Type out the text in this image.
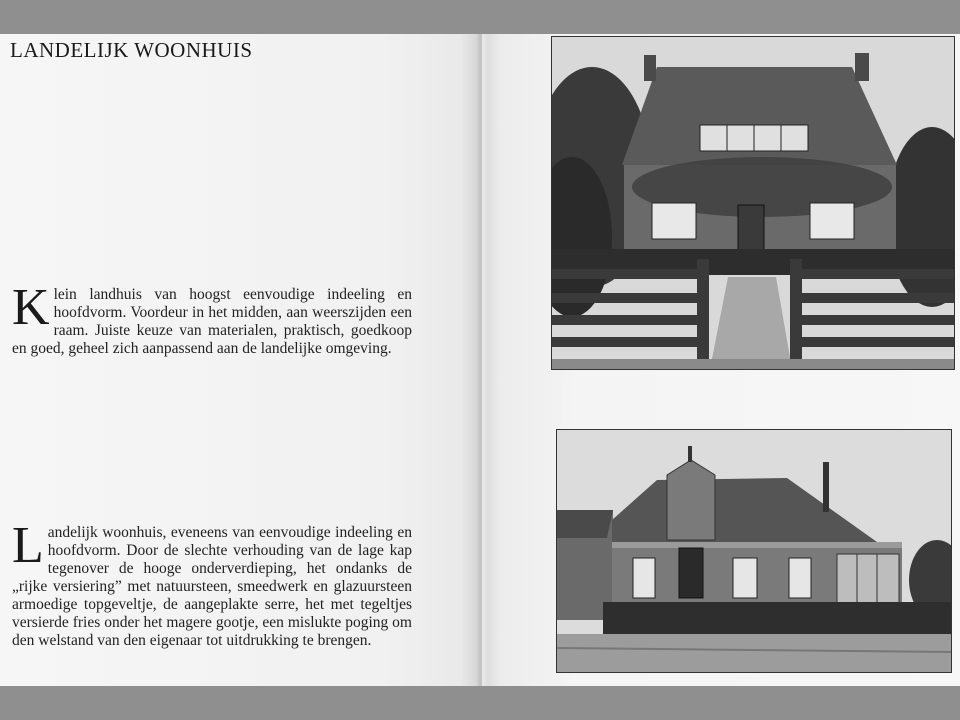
LANDELIJK WOONHUIS
Klein landhuis van hoogst eenvoudige indeeling en hoofdvorm. Voordeur in het midden, aan weerszijden een raam. Juiste keuze van materialen, praktisch, goedkoop en goed, geheel zich aanpassend aan de landelijke omgeving.
Landelijk woonhuis, eveneens van eenvoudige indeeling en hoofdvorm. Door de slechte verhouding van de lage kap tegenover de hooge onderverdieping, het ondanks de „rijke versiering” met natuursteen, smeedwerk en glazuursteen armoedige topgeveltje, de aangeplakte serre, het met tegeltjes versierde fries onder het magere gootje, een mislukte poging om den welstand van den eigenaar tot uitdrukking te brengen.
